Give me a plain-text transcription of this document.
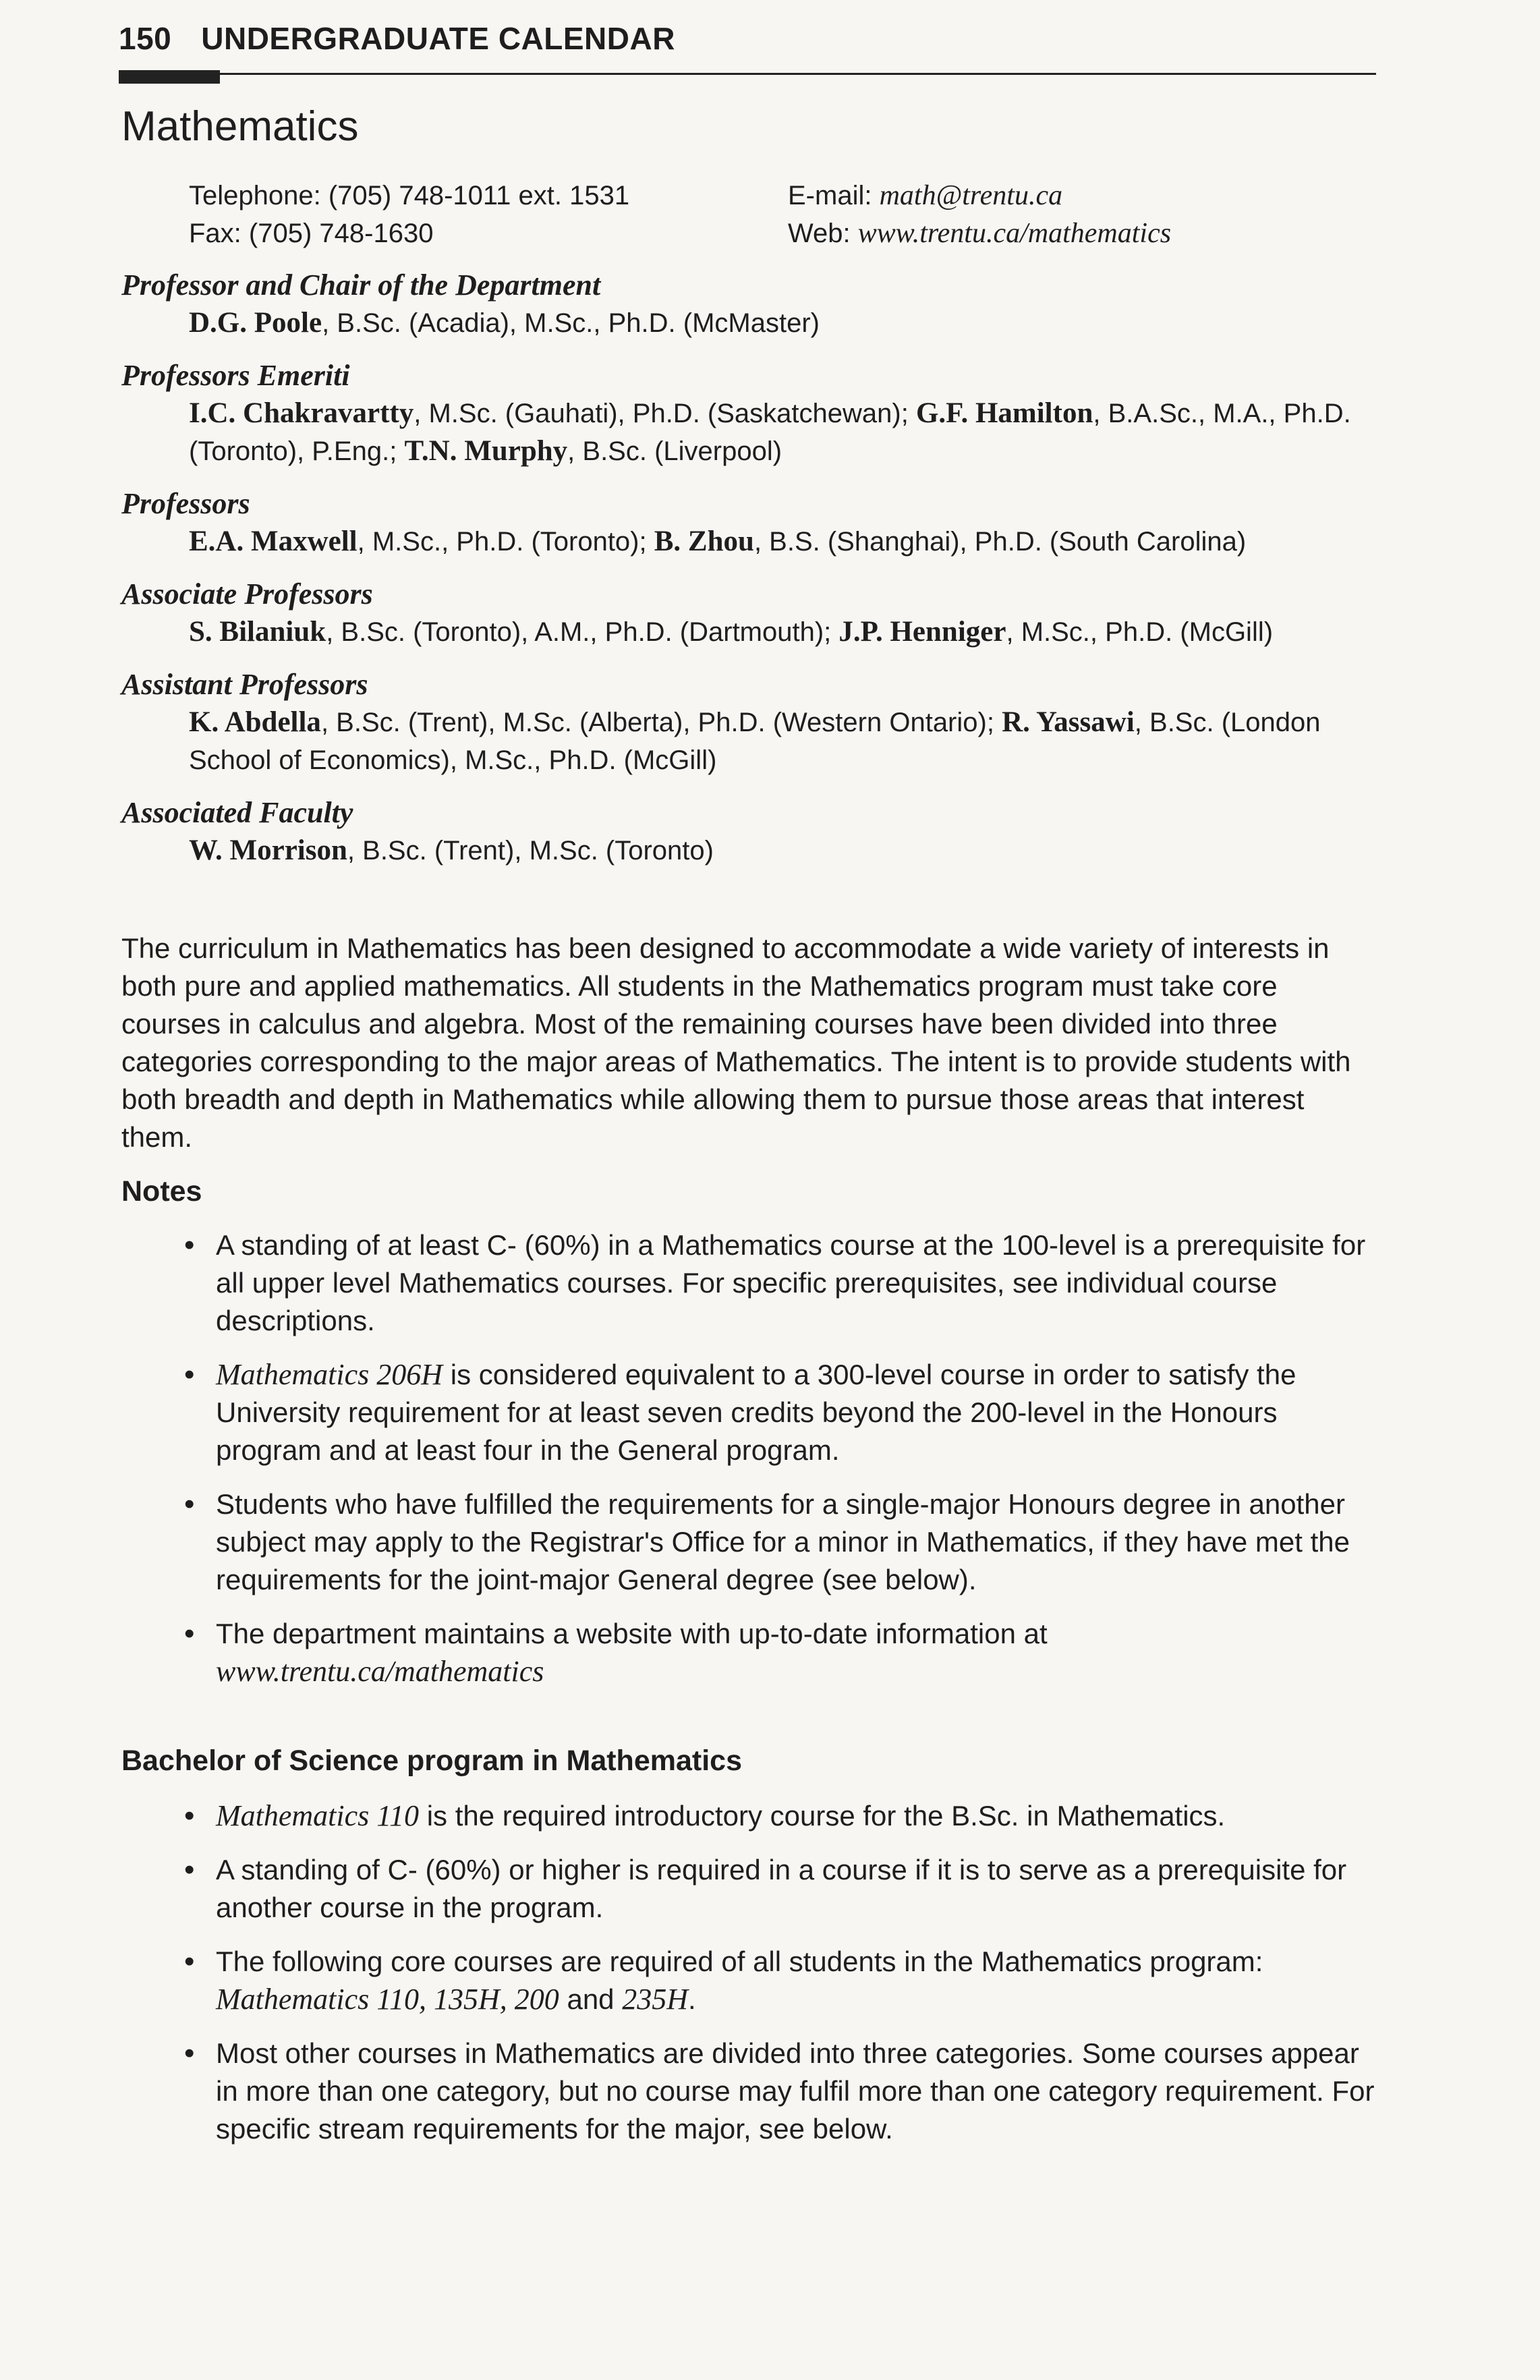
150 UNDERGRADUATE CALENDAR
Mathematics
Telephone: (705) 748-1011 ext. 1531
Fax: (705) 748-1630
E-mail: math@trentu.ca
Web: www.trentu.ca/mathematics

Professor and Chair of the Department

D.G. Poole, B.Sc. (Acadia), M.Sc., Ph.D. (McMaster)

Professors Emeriti

I.C. Chakravartty, M.Sc. (Gauhati), Ph.D. (Saskatchewan); G.F. Hamilton, B.A.Sc., M.A., Ph.D. (Toronto), P.Eng.; T.N. Murphy, B.Sc. (Liverpool)

Professors

E.A. Maxwell, M.Sc., Ph.D. (Toronto); B. Zhou, B.S. (Shanghai), Ph.D. (South Carolina)

Associate Professors

S. Bilaniuk, B.Sc. (Toronto), A.M., Ph.D. (Dartmouth); J.P. Henniger, M.Sc., Ph.D. (McGill)

Assistant Professors

K. Abdella, B.Sc. (Trent), M.Sc. (Alberta), Ph.D. (Western Ontario); R. Yassawi, B.Sc. (London School of Economics), M.Sc., Ph.D. (McGill)

Associated Faculty

W. Morrison, B.Sc. (Trent), M.Sc. (Toronto)

The curriculum in Mathematics has been designed to accommodate a wide variety of interests in both pure and applied mathematics. All students in the Mathematics program must take core courses in calculus and algebra. Most of the remaining courses have been divided into three categories corresponding to the major areas of Mathematics. The intent is to provide students with both breadth and depth in Mathematics while allowing them to pursue those areas that interest them.

Notes

• A standing of at least C- (60%) in a Mathematics course at the 100-level is a prerequisite for all upper level Mathematics courses. For specific prerequisites, see individual course descriptions.
• Mathematics 206H is considered equivalent to a 300-level course in order to satisfy the University requirement for at least seven credits beyond the 200-level in the Honours program and at least four in the General program.
• Students who have fulfilled the requirements for a single-major Honours degree in another subject may apply to the Registrar's Office for a minor in Mathematics, if they have met the requirements for the joint-major General degree (see below).
• The department maintains a website with up-to-date information at
www.trentu.ca/mathematics

Bachelor of Science program in Mathematics

• Mathematics 110 is the required introductory course for the B.Sc. in Mathematics.
• A standing of C- (60%) or higher is required in a course if it is to serve as a prerequisite for another course in the program.
• The following core courses are required of all students in the Mathematics program: Mathematics 110, 135H, 200 and 235H.
• Most other courses in Mathematics are divided into three categories. Some courses appear in more than one category, but no course may fulfil more than one category requirement. For specific stream requirements for the major, see below.
